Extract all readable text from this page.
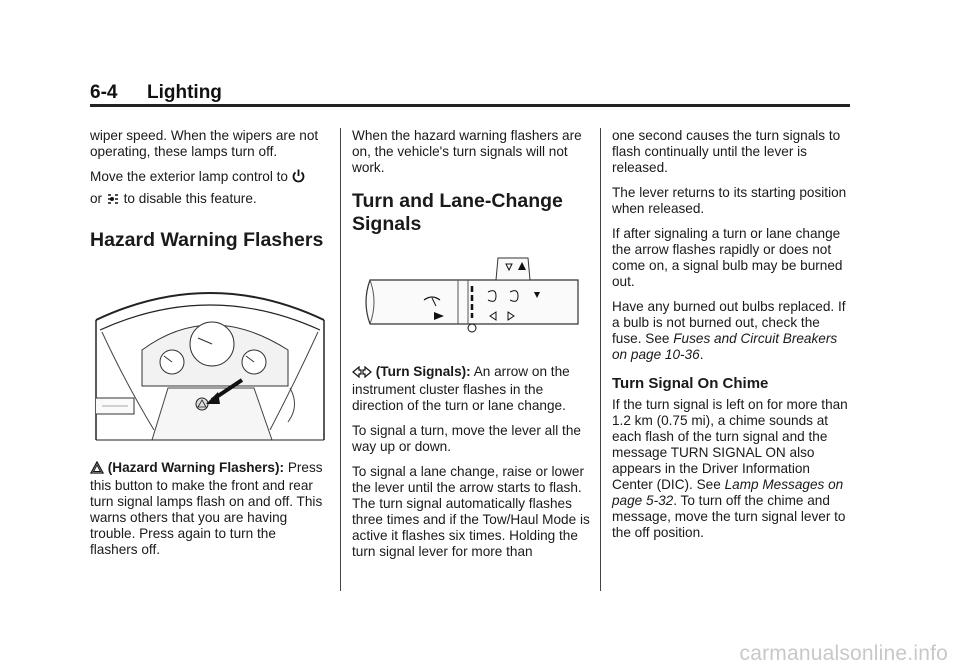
6-4 Lighting

wiper speed. When the wipers are not operating, these lamps turn off.

Move the exterior lamp control to

or to disable this feature.

Hazard Warning Flashers

(Hazard Warning Flashers): Press this button to make the front and rear turn signal lamps flash on and off. This warns others that you are having trouble. Press again to turn the flashers off.

When the hazard warning flashers are on, the vehicle's turn signals will not work.

Turn and Lane-Change
Signals

(Turn Signals): An arrow on the instrument cluster flashes in the direction of the turn or lane change.

To signal a turn, move the lever all the way up or down.

To signal a lane change, raise or lower the lever until the arrow starts to flash. The turn signal automatically flashes three times and if the Tow/Haul Mode is active it flashes six times. Holding the turn signal lever for more than

one second causes the turn signals to flash continually until the lever is released.

The lever returns to its starting position when released.

If after signaling a turn or lane change the arrow flashes rapidly or does not come on, a signal bulb may be burned out.

Have any burned out bulbs replaced. If a bulb is not burned out, check the fuse. See Fuses and Circuit Breakers on page 10-36.

Turn Signal On Chime

If the turn signal is left on for more than 1.2 km (0.75 mi), a chime sounds at each flash of the turn signal and the message TURN SIGNAL ON also appears in the Driver Information Center (DIC). See Lamp Messages on page 5-32. To turn off the chime and message, move the turn signal lever to the off position.

carmanualsonline.info
